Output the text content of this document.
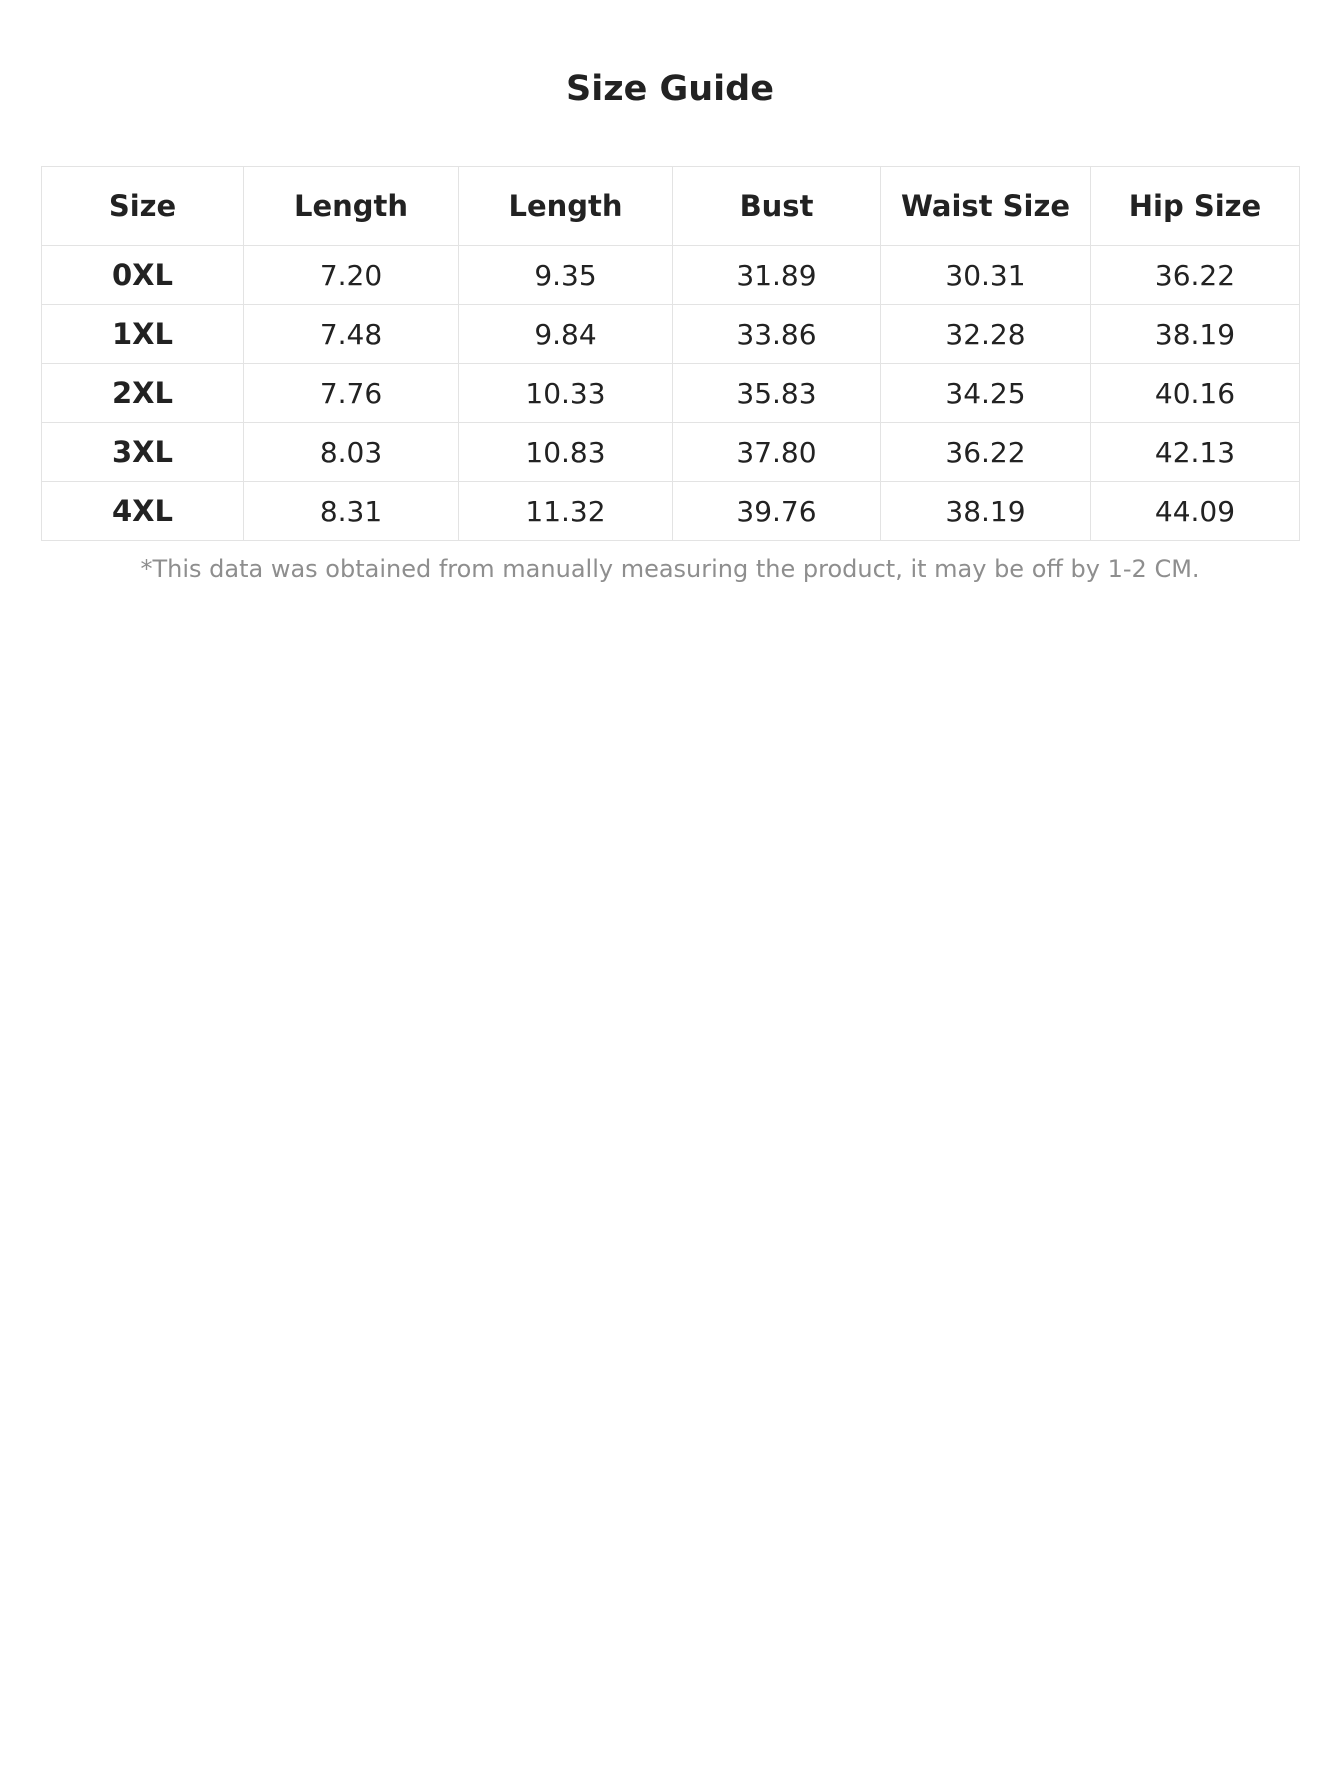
Size Guide
Size	Length	Length	Bust	Waist Size	Hip Size
0XL	7.20	9.35	31.89	30.31	36.22
1XL	7.48	9.84	33.86	32.28	38.19
2XL	7.76	10.33	35.83	34.25	40.16
3XL	8.03	10.83	37.80	36.22	42.13
4XL	8.31	11.32	39.76	38.19	44.09

*This data was obtained from manually measuring the product, it may be off by 1-2 CM.
